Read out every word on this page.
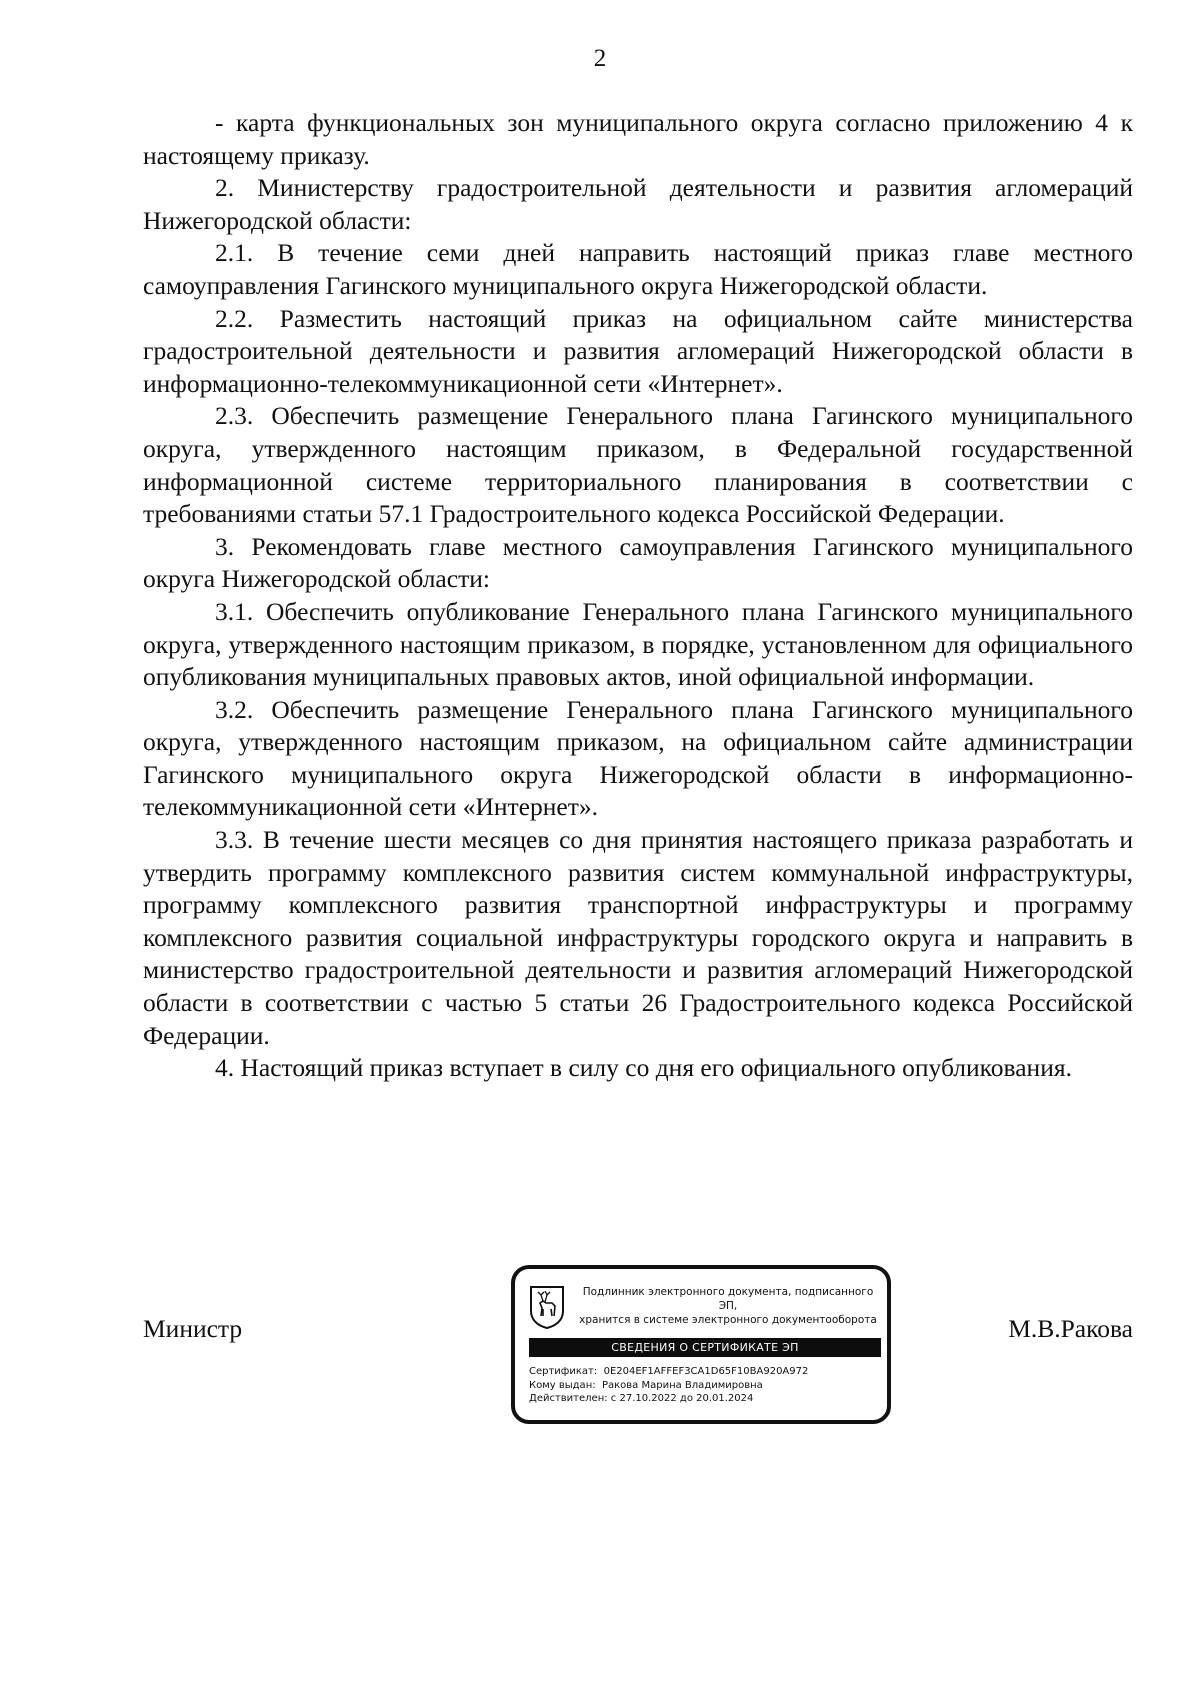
2

- карта функциональных зон муниципального округа согласно приложению 4 к настоящему приказу.

2. Министерству градостроительной деятельности и развития агломераций Нижегородской области:

2.1. В течение семи дней направить настоящий приказ главе местного самоуправления Гагинского муниципального округа Нижегородской области.

2.2. Разместить настоящий приказ на официальном сайте министерства градостроительной деятельности и развития агломераций Нижегородской области в информационно-телекоммуникационной сети «Интернет».

2.3. Обеспечить размещение Генерального плана Гагинского муниципального округа, утвержденного настоящим приказом, в Федеральной государственной информационной системе территориального планирования в соответствии с требованиями статьи 57.1 Градостроительного кодекса Российской Федерации.

3. Рекомендовать главе местного самоуправления Гагинского муниципального округа Нижегородской области:

3.1. Обеспечить опубликование Генерального плана Гагинского муниципального округа, утвержденного настоящим приказом, в порядке, установленном для официального опубликования муниципальных правовых актов, иной официальной информации.

3.2. Обеспечить размещение Генерального плана Гагинского муниципального округа, утвержденного настоящим приказом, на официальном сайте администрации Гагинского муниципального округа Нижегородской области в информационно-телекоммуникационной сети «Интернет».

3.3. В течение шести месяцев со дня принятия настоящего приказа разработать и утвердить программу комплексного развития систем коммунальной инфраструктуры, программу комплексного развития транспортной инфраструктуры и программу комплексного развития социальной инфраструктуры городского округа и направить в министерство градостроительной деятельности и развития агломераций Нижегородской области в соответствии с частью 5 статьи 26 Градостроительного кодекса Российской Федерации.

4. Настоящий приказ вступает в силу со дня его официального опубликования.

Министр	М.В.Ракова
Подлинник электронного документа, подписанного ЭП,
хранится в системе электронного документооборота
СВЕДЕНИЯ О СЕРТИФИКАТЕ ЭП
Сертификат: 0E204EF1AFFEF3CA1D65F10BA920A972
Кому выдан: Ракова Марина Владимировна
Действителен: с 27.10.2022 до 20.01.2024
